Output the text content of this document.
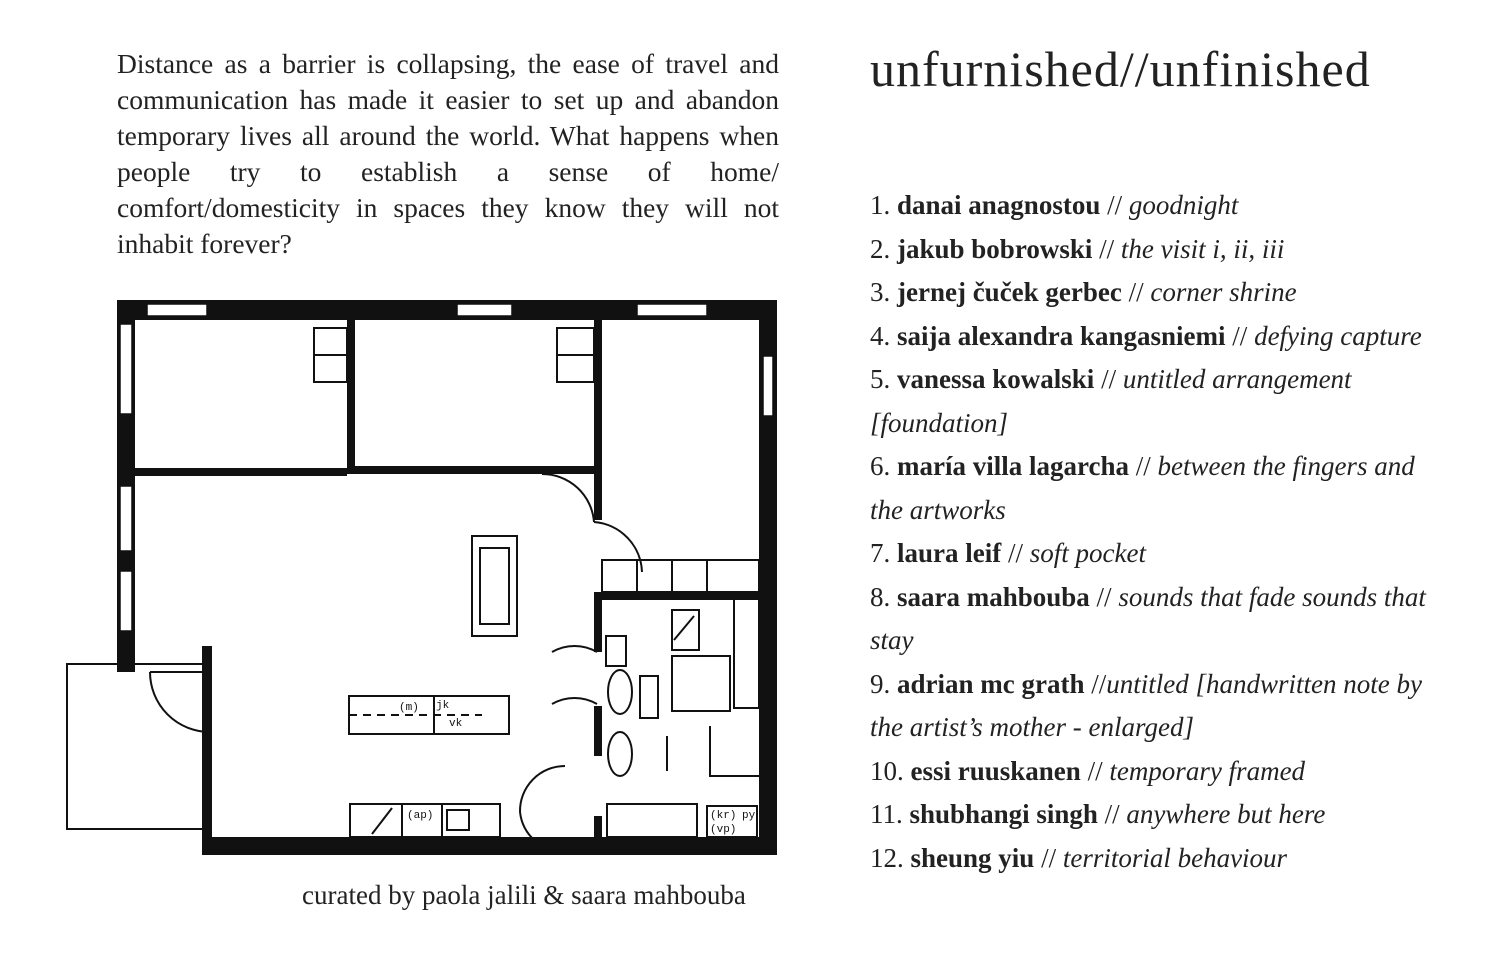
Distance as a barrier is collapsing, the ease of travel and communication has made it easier to set up and abandon temporary lives all around the world. What happens when people try to establish a sense of home/ comfort/domesticity in spaces they know they will not inhabit forever?

(m) jk
vk
(ap)	(kr)
(vp)
py
curated by paola jalili & saara mahbouba
unfurnished//unfinished
1. danai anagnostou // goodnight
2. jakub bobrowski // the visit i, ii, iii
3. jernej čuček gerbec // corner shrine
4. saija alexandra kangasniemi // defying capture
5. vanessa kowalski // untitled arrangement [foundation]
6. maría villa lagarcha // between the fingers and the artworks
7. laura leif // soft pocket
8. saara mahbouba // sounds that fade sounds that stay
9. adrian mc grath //untitled [handwritten note by the artist’s mother - enlarged]
10. essi ruuskanen // temporary framed
11. shubhangi singh // anywhere but here
12. sheung yiu // territorial behaviour
